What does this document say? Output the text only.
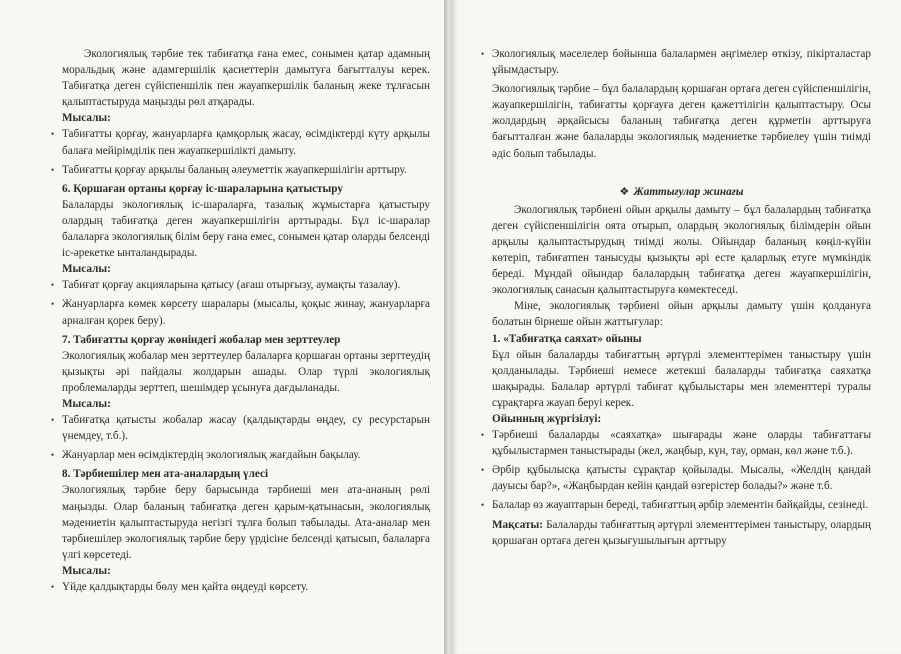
Экологиялық тәрбие тек табиғатқа ғана емес, сонымен қатар адамның моральдық және адамгершілік қасиеттерін дамытуға бағытталуы керек. Табиғатқа деген сүйіспеншілік пен жауапкершілік баланың жеке тұлғасын қалыптастыруда маңызды рөл атқарады.

Мысалы:

• Табиғатты қорғау, жануарларға қамқорлық жасау, өсімдіктерді күту арқылы балаға мейірімділік пен жауапкершілікті дамыту.
• Табиғатты қорғау арқылы баланың әлеуметтік жауапкершілігін арттыру.

6. Қоршаған ортаны қорғау іс-шараларына қатыстыру

Балаларды экологиялық іс-шараларға, тазалық жұмыстарға қатыстыру олардың табиғатқа деген жауапкершілігін арттырады. Бұл іс-шаралар балаларға экологиялық білім беру ғана емес, сонымен қатар оларды белсенді іс-әрекетке ынталандырады.

Мысалы:

• Табиғат қорғау акцияларына қатысу (ағаш отырғызу, аумақты тазалау).
• Жануарларға көмек көрсету шаралары (мысалы, қоқыс жинау, жануарларға арналған қорек беру).

7. Табиғатты қорғау жөніндегі жобалар мен зерттеулер

Экологиялық жобалар мен зерттеулер балаларға қоршаған ортаны зерттеудің қызықты әрі пайдалы жолдарын ашады. Олар түрлі экологиялық проблемаларды зерттеп, шешімдер ұсынуға дағдыланады.

Мысалы:

• Табиғатқа қатысты жобалар жасау (қалдықтарды өңдеу, су ресурстарын үнемдеу, т.б.).
• Жануарлар мен өсімдіктердің экологиялық жағдайын бақылау.

8. Тәрбиешілер мен ата-аналардың үлесі

Экологиялық тәрбие беру барысында тәрбиеші мен ата-ананың рөлі маңызды. Олар баланың табиғатқа деген қарым-қатынасын, экологиялық мәдениетін қалыптастыруда негізгі тұлға болып табылады. Ата-аналар мен тәрбиешілер экологиялық тәрбие беру үрдісіне белсенді қатысып, балаларға үлгі көрсетеді.

Мысалы:

• Үйде қалдықтарды бөлу мен қайта өңдеуді көрсету.
• Экологиялық мәселелер бойынша балалармен әңгімелер өткізу, пікірталастар ұйымдастыру.

Экологиялық тәрбие – бұл балалардың қоршаған ортаға деген сүйіспеншілігін, жауапкершілігін, табиғатты қорғауға деген қажеттілігін қалыптастыру. Осы жолдардың әрқайсысы баланың табиғатқа деген құрметін арттыруға бағытталған және балаларды экологиялық мәдениетке тәрбиелеу үшін тиімді әдіс болып табылады.

❖ Жаттығулар жинағы

Экологиялық тәрбиені ойын арқылы дамыту – бұл балалардың табиғатқа деген сүйіспеншілігін оята отырып, олардың экологиялық білімдерін ойын арқылы қалыптастырудың тиімді жолы. Ойындар баланың көңіл-күйін көтеріп, табиғатпен танысуды қызықты әрі есте қаларлық етуге мүмкіндік береді. Мұндай ойындар балалардың табиғатқа деген жауапкершілігін, экологиялық санасын қалыптастыруға көмектеседі.

Міне, экологиялық тәрбиені ойын арқылы дамыту үшін қолдануға болатын бірнеше ойын жаттығулар:

1. «Табиғатқа саяхат» ойыны

Бұл ойын балаларды табиғаттың әртүрлі элементтерімен таныстыру үшін қолданылады. Тәрбиеші немесе жетекші балаларды табиғатқа саяхатқа шақырады. Балалар әртүрлі табиғат құбылыстары мен элементтері туралы сұрақтарға жауап беруі керек.

Ойынның жүргізілуі:

• Тәрбиеші балаларды «саяхатқа» шығарады және оларды табиғаттағы құбылыстармен таныстырады (жел, жаңбыр, күн, тау, орман, көл және т.б.).
• Әрбір құбылысқа қатысты сұрақтар қойылады. Мысалы, «Желдің қандай дауысы бар?», «Жаңбырдан кейін қандай өзгерістер болады?» және т.б.
• Балалар өз жауаптарын береді, табиғаттың әрбір элементін байқайды, сезінеді.

Мақсаты: Балаларды табиғаттың әртүрлі элементтерімен таныстыру, олардың қоршаған ортаға деген қызығушылығын арттыру
